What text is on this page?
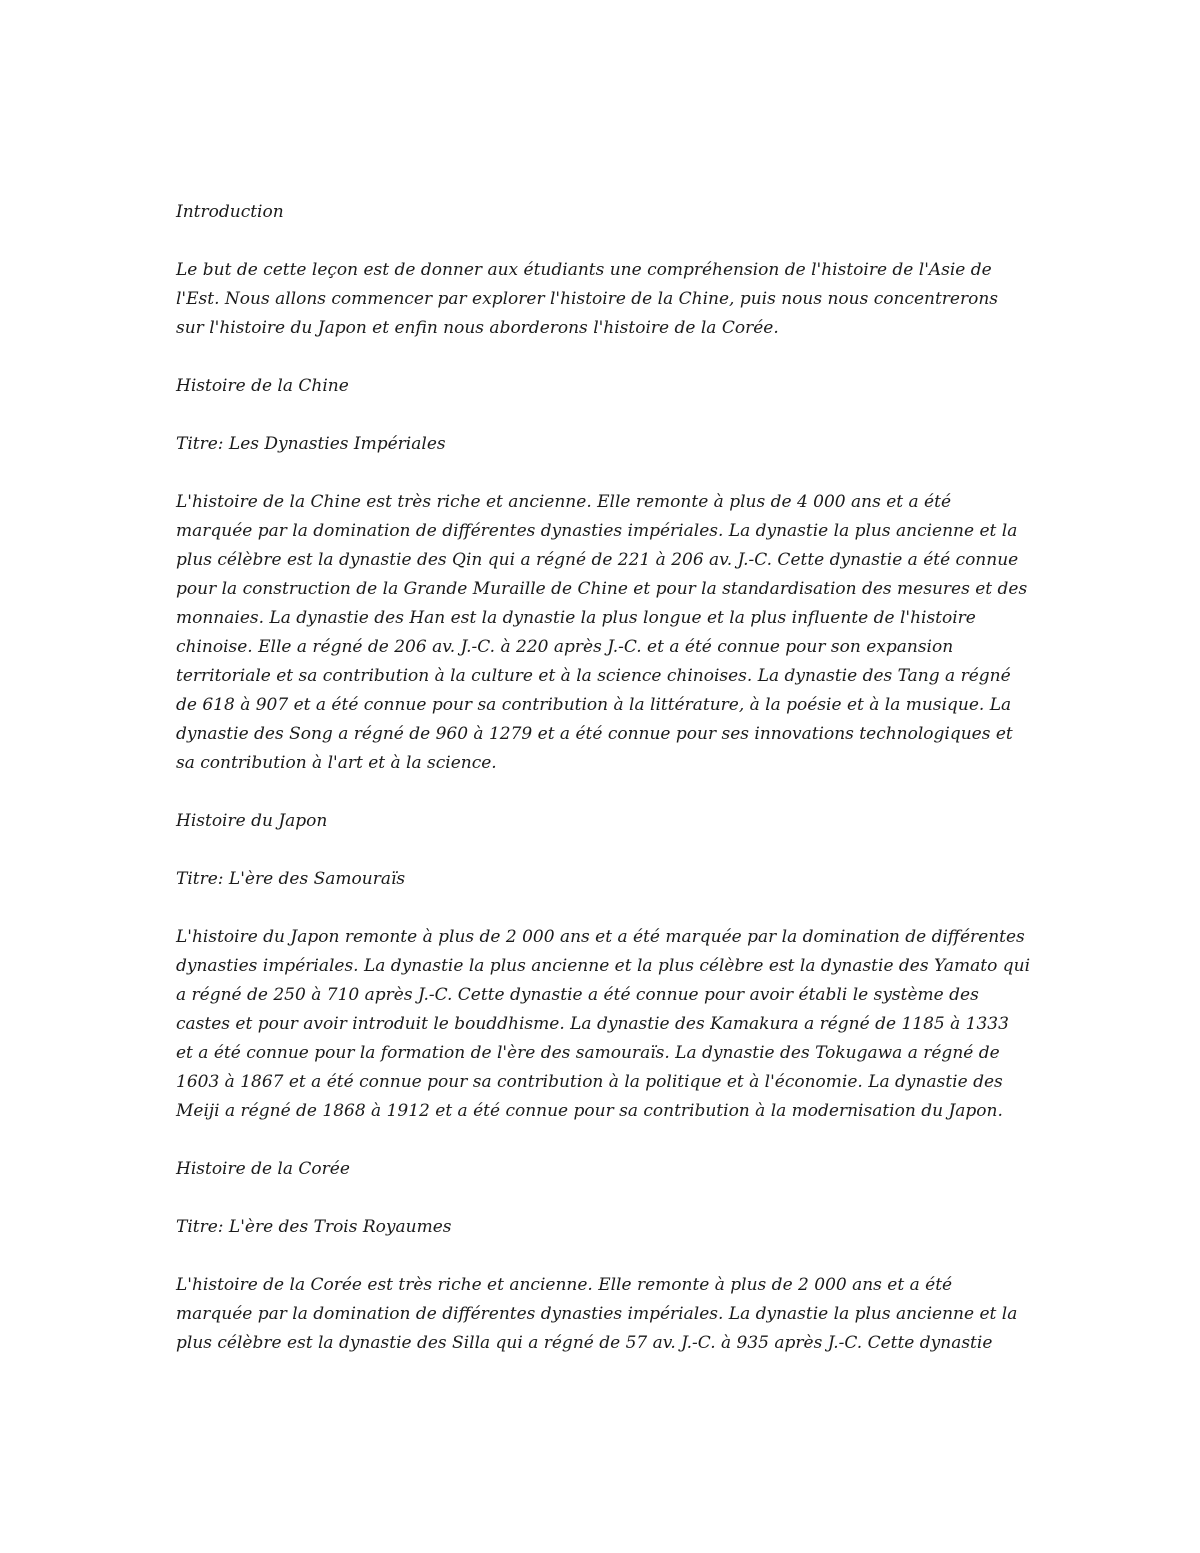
Introduction

Le but de cette leçon est de donner aux étudiants une compréhension de l'histoire de l'Asie de l'Est. Nous allons commencer par explorer l'histoire de la Chine, puis nous nous concentrerons sur l'histoire du Japon et enfin nous aborderons l'histoire de la Corée.

Histoire de la Chine

Titre: Les Dynasties Impériales

L'histoire de la Chine est très riche et ancienne. Elle remonte à plus de 4 000 ans et a été marquée par la domination de différentes dynasties impériales. La dynastie la plus ancienne et la plus célèbre est la dynastie des Qin qui a régné de 221 à 206 av. J.-C. Cette dynastie a été connue pour la construction de la Grande Muraille de Chine et pour la standardisation des mesures et des monnaies. La dynastie des Han est la dynastie la plus longue et la plus influente de l'histoire chinoise. Elle a régné de 206 av. J.-C. à 220 après J.-C. et a été connue pour son expansion territoriale et sa contribution à la culture et à la science chinoises. La dynastie des Tang a régné de 618 à 907 et a été connue pour sa contribution à la littérature, à la poésie et à la musique. La dynastie des Song a régné de 960 à 1279 et a été connue pour ses innovations technologiques et sa contribution à l'art et à la science.

Histoire du Japon

Titre: L'ère des Samouraïs

L'histoire du Japon remonte à plus de 2 000 ans et a été marquée par la domination de différentes dynasties impériales. La dynastie la plus ancienne et la plus célèbre est la dynastie des Yamato qui a régné de 250 à 710 après J.-C. Cette dynastie a été connue pour avoir établi le système des castes et pour avoir introduit le bouddhisme. La dynastie des Kamakura a régné de 1185 à 1333 et a été connue pour la formation de l'ère des samouraïs. La dynastie des Tokugawa a régné de 1603 à 1867 et a été connue pour sa contribution à la politique et à l'économie. La dynastie des Meiji a régné de 1868 à 1912 et a été connue pour sa contribution à la modernisation du Japon.

Histoire de la Corée

Titre: L'ère des Trois Royaumes

L'histoire de la Corée est très riche et ancienne. Elle remonte à plus de 2 000 ans et a été marquée par la domination de différentes dynasties impériales. La dynastie la plus ancienne et la plus célèbre est la dynastie des Silla qui a régné de 57 av. J.-C. à 935 après J.-C. Cette dynastie
